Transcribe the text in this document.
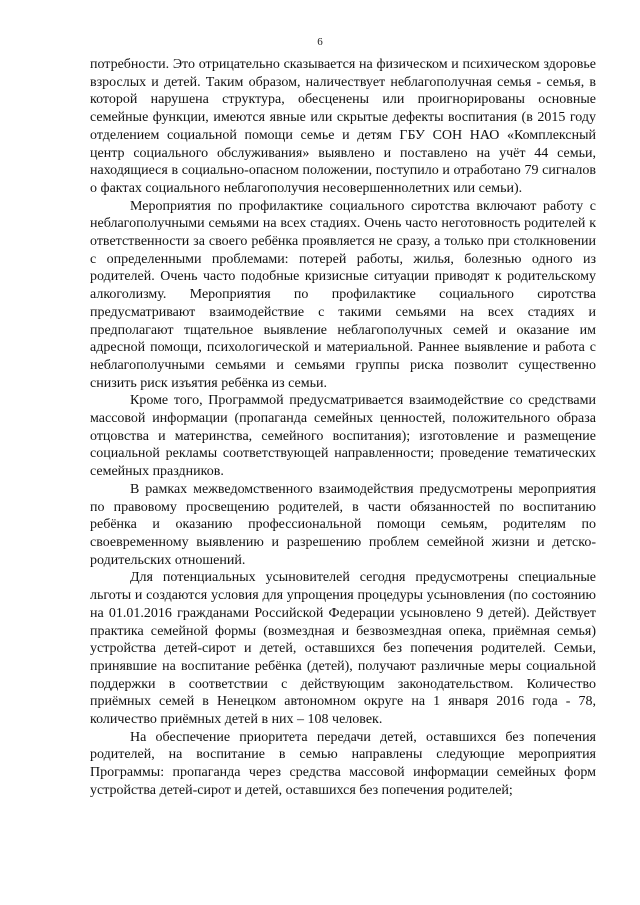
6

потребности. Это отрицательно сказывается на физическом и психическом здоровье взрослых и детей. Таким образом, наличествует неблагополучная семья - семья, в которой нарушена структура, обесценены или проигнорированы основные семейные функции, имеются явные или скрытые дефекты воспитания (в 2015 году отделением социальной помощи семье и детям ГБУ СОН НАО «Комплексный центр социального обслуживания» выявлено и поставлено на учёт 44 семьи, находящиеся в социально-опасном положении, поступило и отработано 79 сигналов о фактах социального неблагополучия несовершеннолетних или семьи).

Мероприятия по профилактике социального сиротства включают работу с неблагополучными семьями на всех стадиях. Очень часто неготовность родителей к ответственности за своего ребёнка проявляется не сразу, а только при столкновении с определенными проблемами: потерей работы, жилья, болезнью одного из родителей. Очень часто подобные кризисные ситуации приводят к родительскому алкоголизму. Мероприятия по профилактике социального сиротства предусматривают взаимодействие с такими семьями на всех стадиях и предполагают тщательное выявление неблагополучных семей и оказание им адресной помощи, психологической и материальной. Раннее выявление и работа с неблагополучными семьями и семьями группы риска позволит существенно снизить риск изъятия ребёнка из семьи.

Кроме того, Программой предусматривается взаимодействие со средствами массовой информации (пропаганда семейных ценностей, положительного образа отцовства и материнства, семейного воспитания); изготовление и размещение социальной рекламы соответствующей направленности; проведение тематических семейных праздников.

В рамках межведомственного взаимодействия предусмотрены мероприятия по правовому просвещению родителей, в части обязанностей по воспитанию ребёнка и оказанию профессиональной помощи семьям, родителям по своевременному выявлению и разрешению проблем семейной жизни и детско-родительских отношений.

Для потенциальных усыновителей сегодня предусмотрены специальные льготы и создаются условия для упрощения процедуры усыновления (по состоянию на 01.01.2016 гражданами Российской Федерации усыновлено 9 детей). Действует практика семейной формы (возмездная и безвозмездная опека, приёмная семья) устройства детей-сирот и детей, оставшихся без попечения родителей. Семьи, принявшие на воспитание ребёнка (детей), получают различные меры социальной поддержки в соответствии с действующим законодательством. Количество приёмных семей в Ненецком автономном округе на 1 января 2016 года - 78, количество приёмных детей в них – 108 человек.

На обеспечение приоритета передачи детей, оставшихся без попечения родителей, на воспитание в семью направлены следующие мероприятия Программы: пропаганда через средства массовой информации семейных форм устройства детей-сирот и детей, оставшихся без попечения родителей;
